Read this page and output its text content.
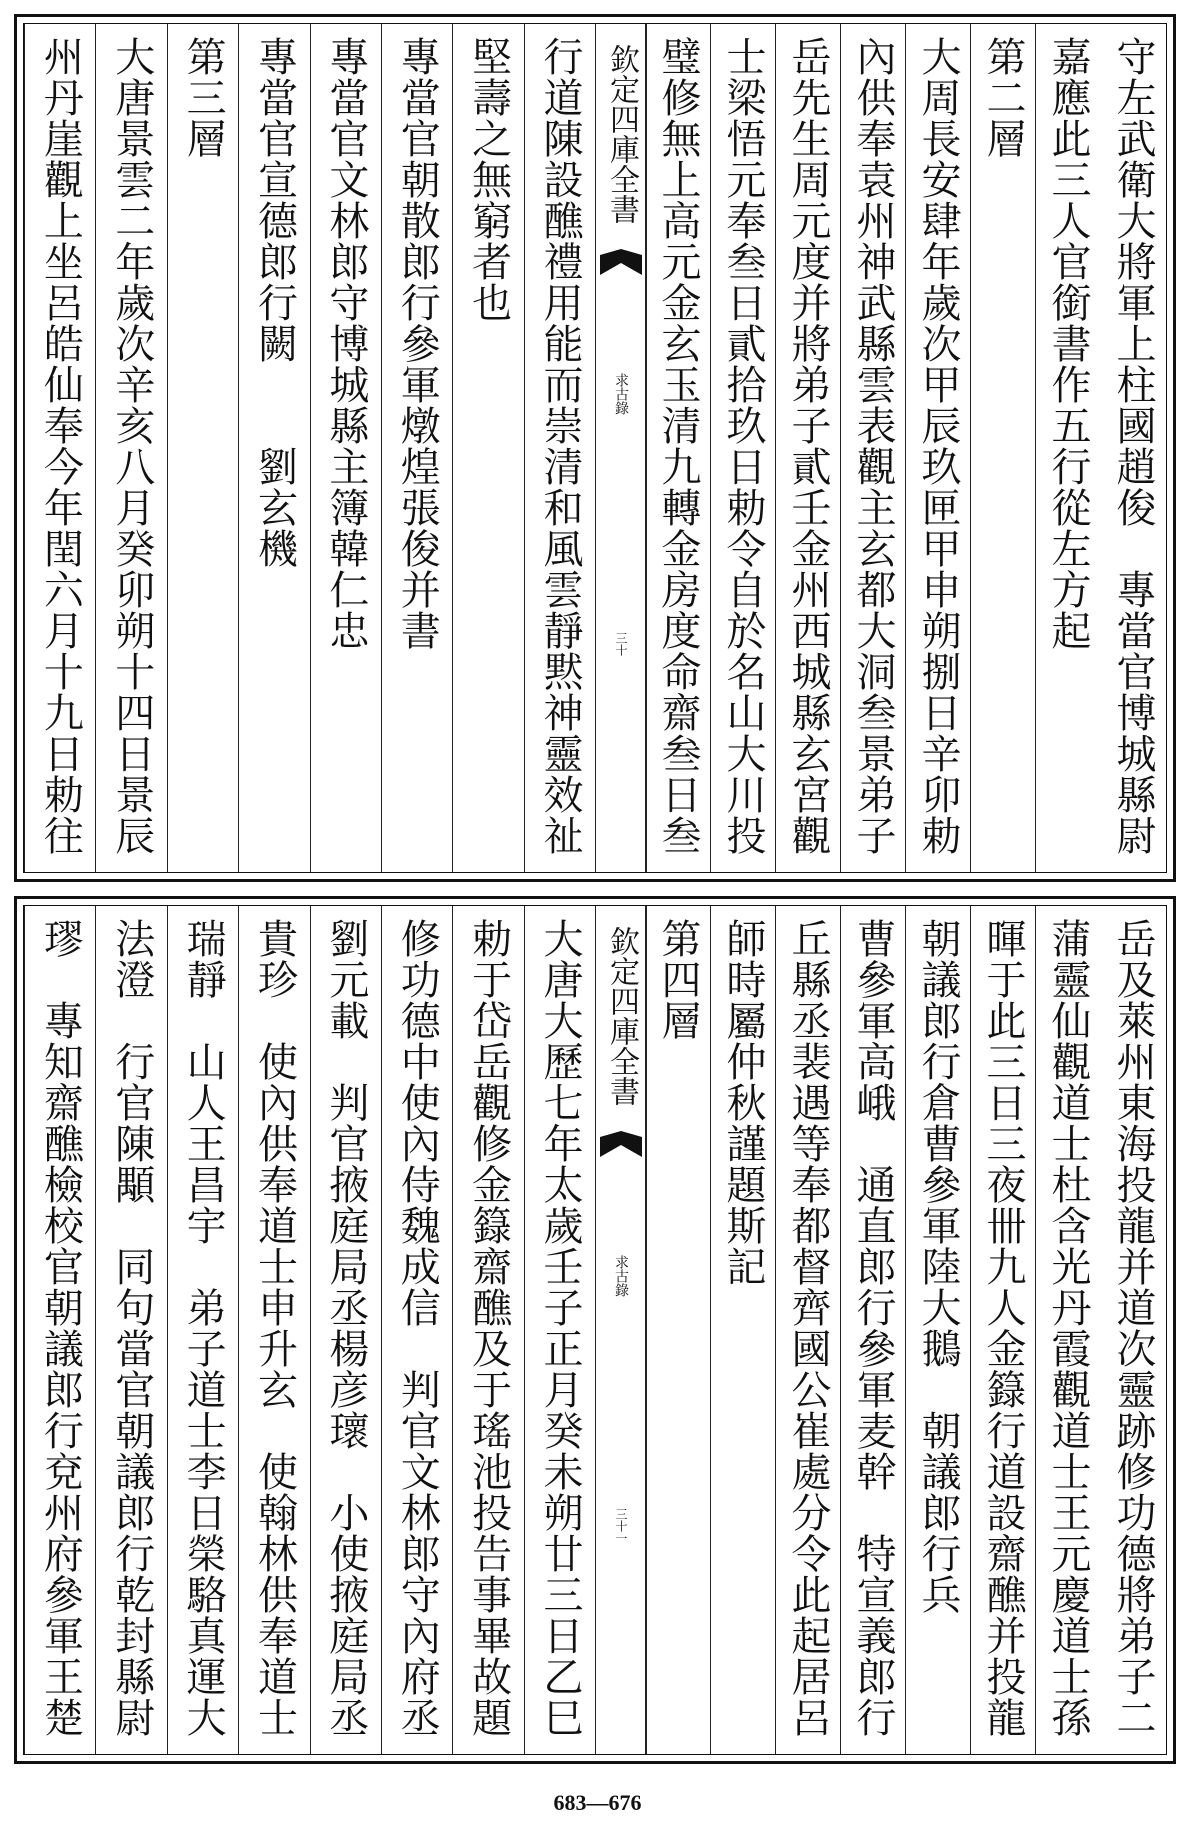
守左武衛大將軍上柱國趙俊　專當官博城縣尉
嘉應此三人官銜書作五行從左方起
第二層
大周長安肆年歲次甲辰玖匣甲申朔捌日辛卯勅
內供奉袁州神武縣雲表觀主玄都大洞叁景弟子
岳先生周元度并將弟子貳壬金州西城縣玄宮觀
士梁悟元奉叁日貳拾玖日勅令自於名山大川投
璧修無上高元金玄玉清九轉金房度命齋叁日叁
行道陳設醮禮用能而崇清和風雲靜黙神靈效祉
堅壽之無窮者也
專當官朝散郎行參軍燉煌張俊并書
專當官文林郎守博城縣主簿韓仁忠
專當官宣德郎行闕　　劉玄機
第三層
大唐景雲二年歲次辛亥八月癸卯朔十四日景辰
州丹崖觀上坐呂皓仙奉今年閏六月十九日勅往
欽定四庫全書
求古錄
三十
岳及萊州東海投龍并道次靈跡修功德將弟子二
蒲靈仙觀道士杜含光丹霞觀道士王元慶道士孫
暉于此三日三夜卌九人金籙行道設齋醮并投龍
朝議郎行倉曹參軍陸大鵝　朝議郎行兵
曹參軍高峨　通直郎行參軍麦幹　特宣義郎行
丘縣丞裴遇等奉都督齊國公崔處分令此起居呂
師時屬仲秋謹題斯記
第四層
大唐大歷七年太歲壬子正月癸未朔廿三日乙巳
勅于岱岳觀修金籙齋醮及于瑤池投告事畢故題
修功德中使內侍魏成信　判官文林郎守內府丞
劉元載　判官掖庭局丞楊彦瓌　小使掖庭局丞
貴珍　使內供奉道士申升玄　使翰林供奉道士
瑞靜　山人王昌宇　弟子道士李日榮駱真運大
法澄　行官陳顒　同句當官朝議郎行乾封縣尉
璆　專知齋醮檢校官朝議郎行兗州府參軍王楚
欽定四庫全書
求古錄
三十一
683—676
